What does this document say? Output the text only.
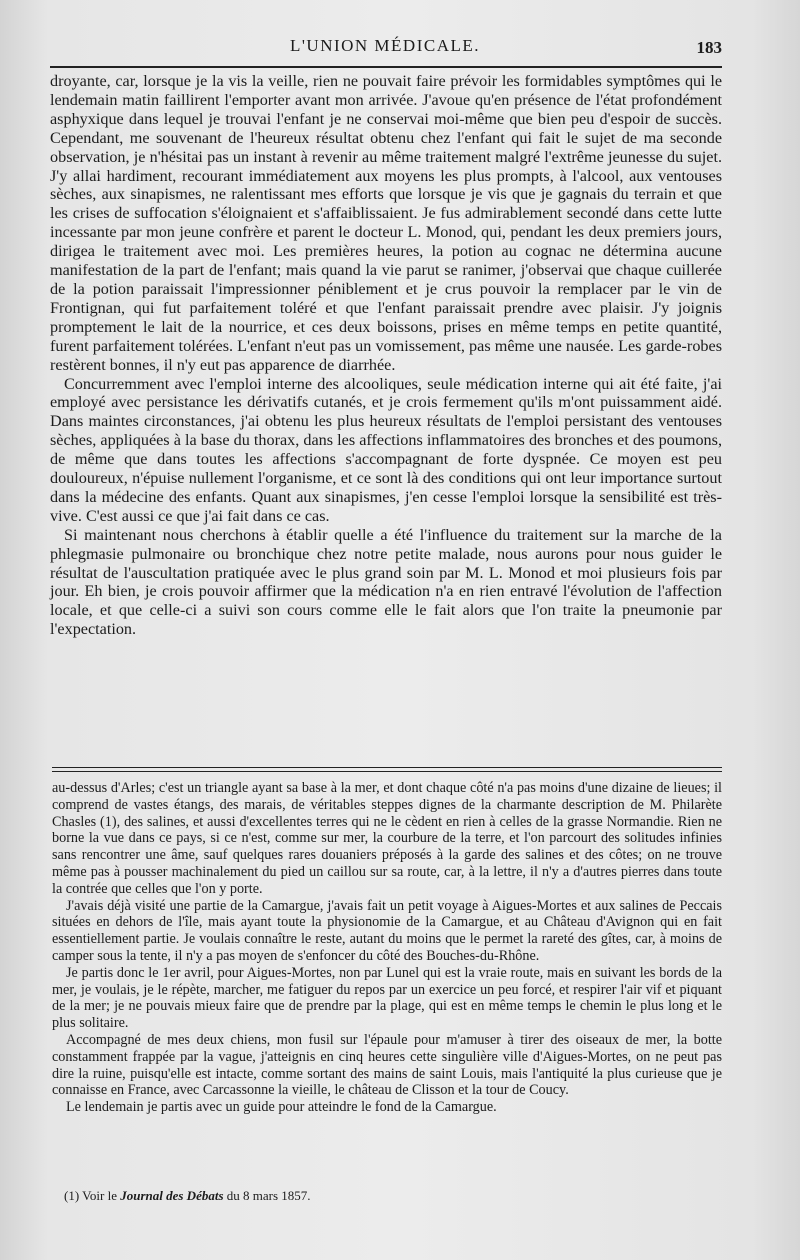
L'UNION MÉDICALE.	183

droyante, car, lorsque je la vis la veille, rien ne pouvait faire prévoir les formidables symptômes qui le lendemain matin faillirent l'emporter avant mon arrivée. J'avoue qu'en présence de l'état profondément asphyxique dans lequel je trouvai l'enfant je ne conservai moi-même que bien peu d'espoir de succès. Cependant, me souvenant de l'heureux résultat obtenu chez l'enfant qui fait le sujet de ma seconde observation, je n'hésitai pas un instant à revenir au même traitement malgré l'extrême jeunesse du sujet. J'y allai hardiment, recourant immédiatement aux moyens les plus prompts, à l'alcool, aux ventouses sèches, aux sinapismes, ne ralentissant mes efforts que lorsque je vis que je gagnais du terrain et que les crises de suffocation s'éloignaient et s'affaiblissaient. Je fus admirablement secondé dans cette lutte incessante par mon jeune confrère et parent le docteur L. Monod, qui, pendant les deux premiers jours, dirigea le traitement avec moi. Les premières heures, la potion au cognac ne détermina aucune manifestation de la part de l'enfant; mais quand la vie parut se ranimer, j'observai que chaque cuillerée de la potion paraissait l'impressionner péniblement et je crus pouvoir la remplacer par le vin de Frontignan, qui fut parfaitement toléré et que l'enfant paraissait prendre avec plaisir. J'y joignis promptement le lait de la nourrice, et ces deux boissons, prises en même temps en petite quantité, furent parfaitement tolérées. L'enfant n'eut pas un vomissement, pas même une nausée. Les garde-robes restèrent bonnes, il n'y eut pas apparence de diarrhée.

Concurremment avec l'emploi interne des alcooliques, seule médication interne qui ait été faite, j'ai employé avec persistance les dérivatifs cutanés, et je crois fermement qu'ils m'ont puissamment aidé. Dans maintes circonstances, j'ai obtenu les plus heureux résultats de l'emploi persistant des ventouses sèches, appliquées à la base du thorax, dans les affections inflammatoires des bronches et des poumons, de même que dans toutes les affections s'accompagnant de forte dyspnée. Ce moyen est peu douloureux, n'épuise nullement l'organisme, et ce sont là des conditions qui ont leur importance surtout dans la médecine des enfants. Quant aux sinapismes, j'en cesse l'emploi lorsque la sensibilité est très-vive. C'est aussi ce que j'ai fait dans ce cas.

Si maintenant nous cherchons à établir quelle a été l'influence du traitement sur la marche de la phlegmasie pulmonaire ou bronchique chez notre petite malade, nous aurons pour nous guider le résultat de l'auscultation pratiquée avec le plus grand soin par M. L. Monod et moi plusieurs fois par jour. Eh bien, je crois pouvoir affirmer que la médication n'a en rien entravé l'évolution de l'affection locale, et que celle-ci a suivi son cours comme elle le fait alors que l'on traite la pneumonie par l'expectation.

au-dessus d'Arles; c'est un triangle ayant sa base à la mer, et dont chaque côté n'a pas moins d'une dizaine de lieues; il comprend de vastes étangs, des marais, de véritables steppes dignes de la charmante description de M. Philarète Chasles (1), des salines, et aussi d'excellentes terres qui ne le cèdent en rien à celles de la grasse Normandie. Rien ne borne la vue dans ce pays, si ce n'est, comme sur mer, la courbure de la terre, et l'on parcourt des solitudes infinies sans rencontrer une âme, sauf quelques rares douaniers préposés à la garde des salines et des côtes; on ne trouve même pas à pousser machinalement du pied un caillou sur sa route, car, à la lettre, il n'y a d'autres pierres dans toute la contrée que celles que l'on y porte.

J'avais déjà visité une partie de la Camargue, j'avais fait un petit voyage à Aigues-Mortes et aux salines de Peccais situées en dehors de l'île, mais ayant toute la physionomie de la Camargue, et au Château d'Avignon qui en fait essentiellement partie. Je voulais connaître le reste, autant du moins que le permet la rareté des gîtes, car, à moins de camper sous la tente, il n'y a pas moyen de s'enfoncer du côté des Bouches-du-Rhône.

Je partis donc le 1er avril, pour Aigues-Mortes, non par Lunel qui est la vraie route, mais en suivant les bords de la mer, je voulais, je le répète, marcher, me fatiguer du repos par un exercice un peu forcé, et respirer l'air vif et piquant de la mer; je ne pouvais mieux faire que de prendre par la plage, qui est en même temps le chemin le plus long et le plus solitaire.

Accompagné de mes deux chiens, mon fusil sur l'épaule pour m'amuser à tirer des oiseaux de mer, la botte constamment frappée par la vague, j'atteignis en cinq heures cette singulière ville d'Aigues-Mortes, on ne peut pas dire la ruine, puisqu'elle est intacte, comme sortant des mains de saint Louis, mais l'antiquité la plus curieuse que je connaisse en France, avec Carcassonne la vieille, le château de Clisson et la tour de Coucy.

Le lendemain je partis avec un guide pour atteindre le fond de la Camargue.

(1) Voir le Journal des Débats du 8 mars 1857.
